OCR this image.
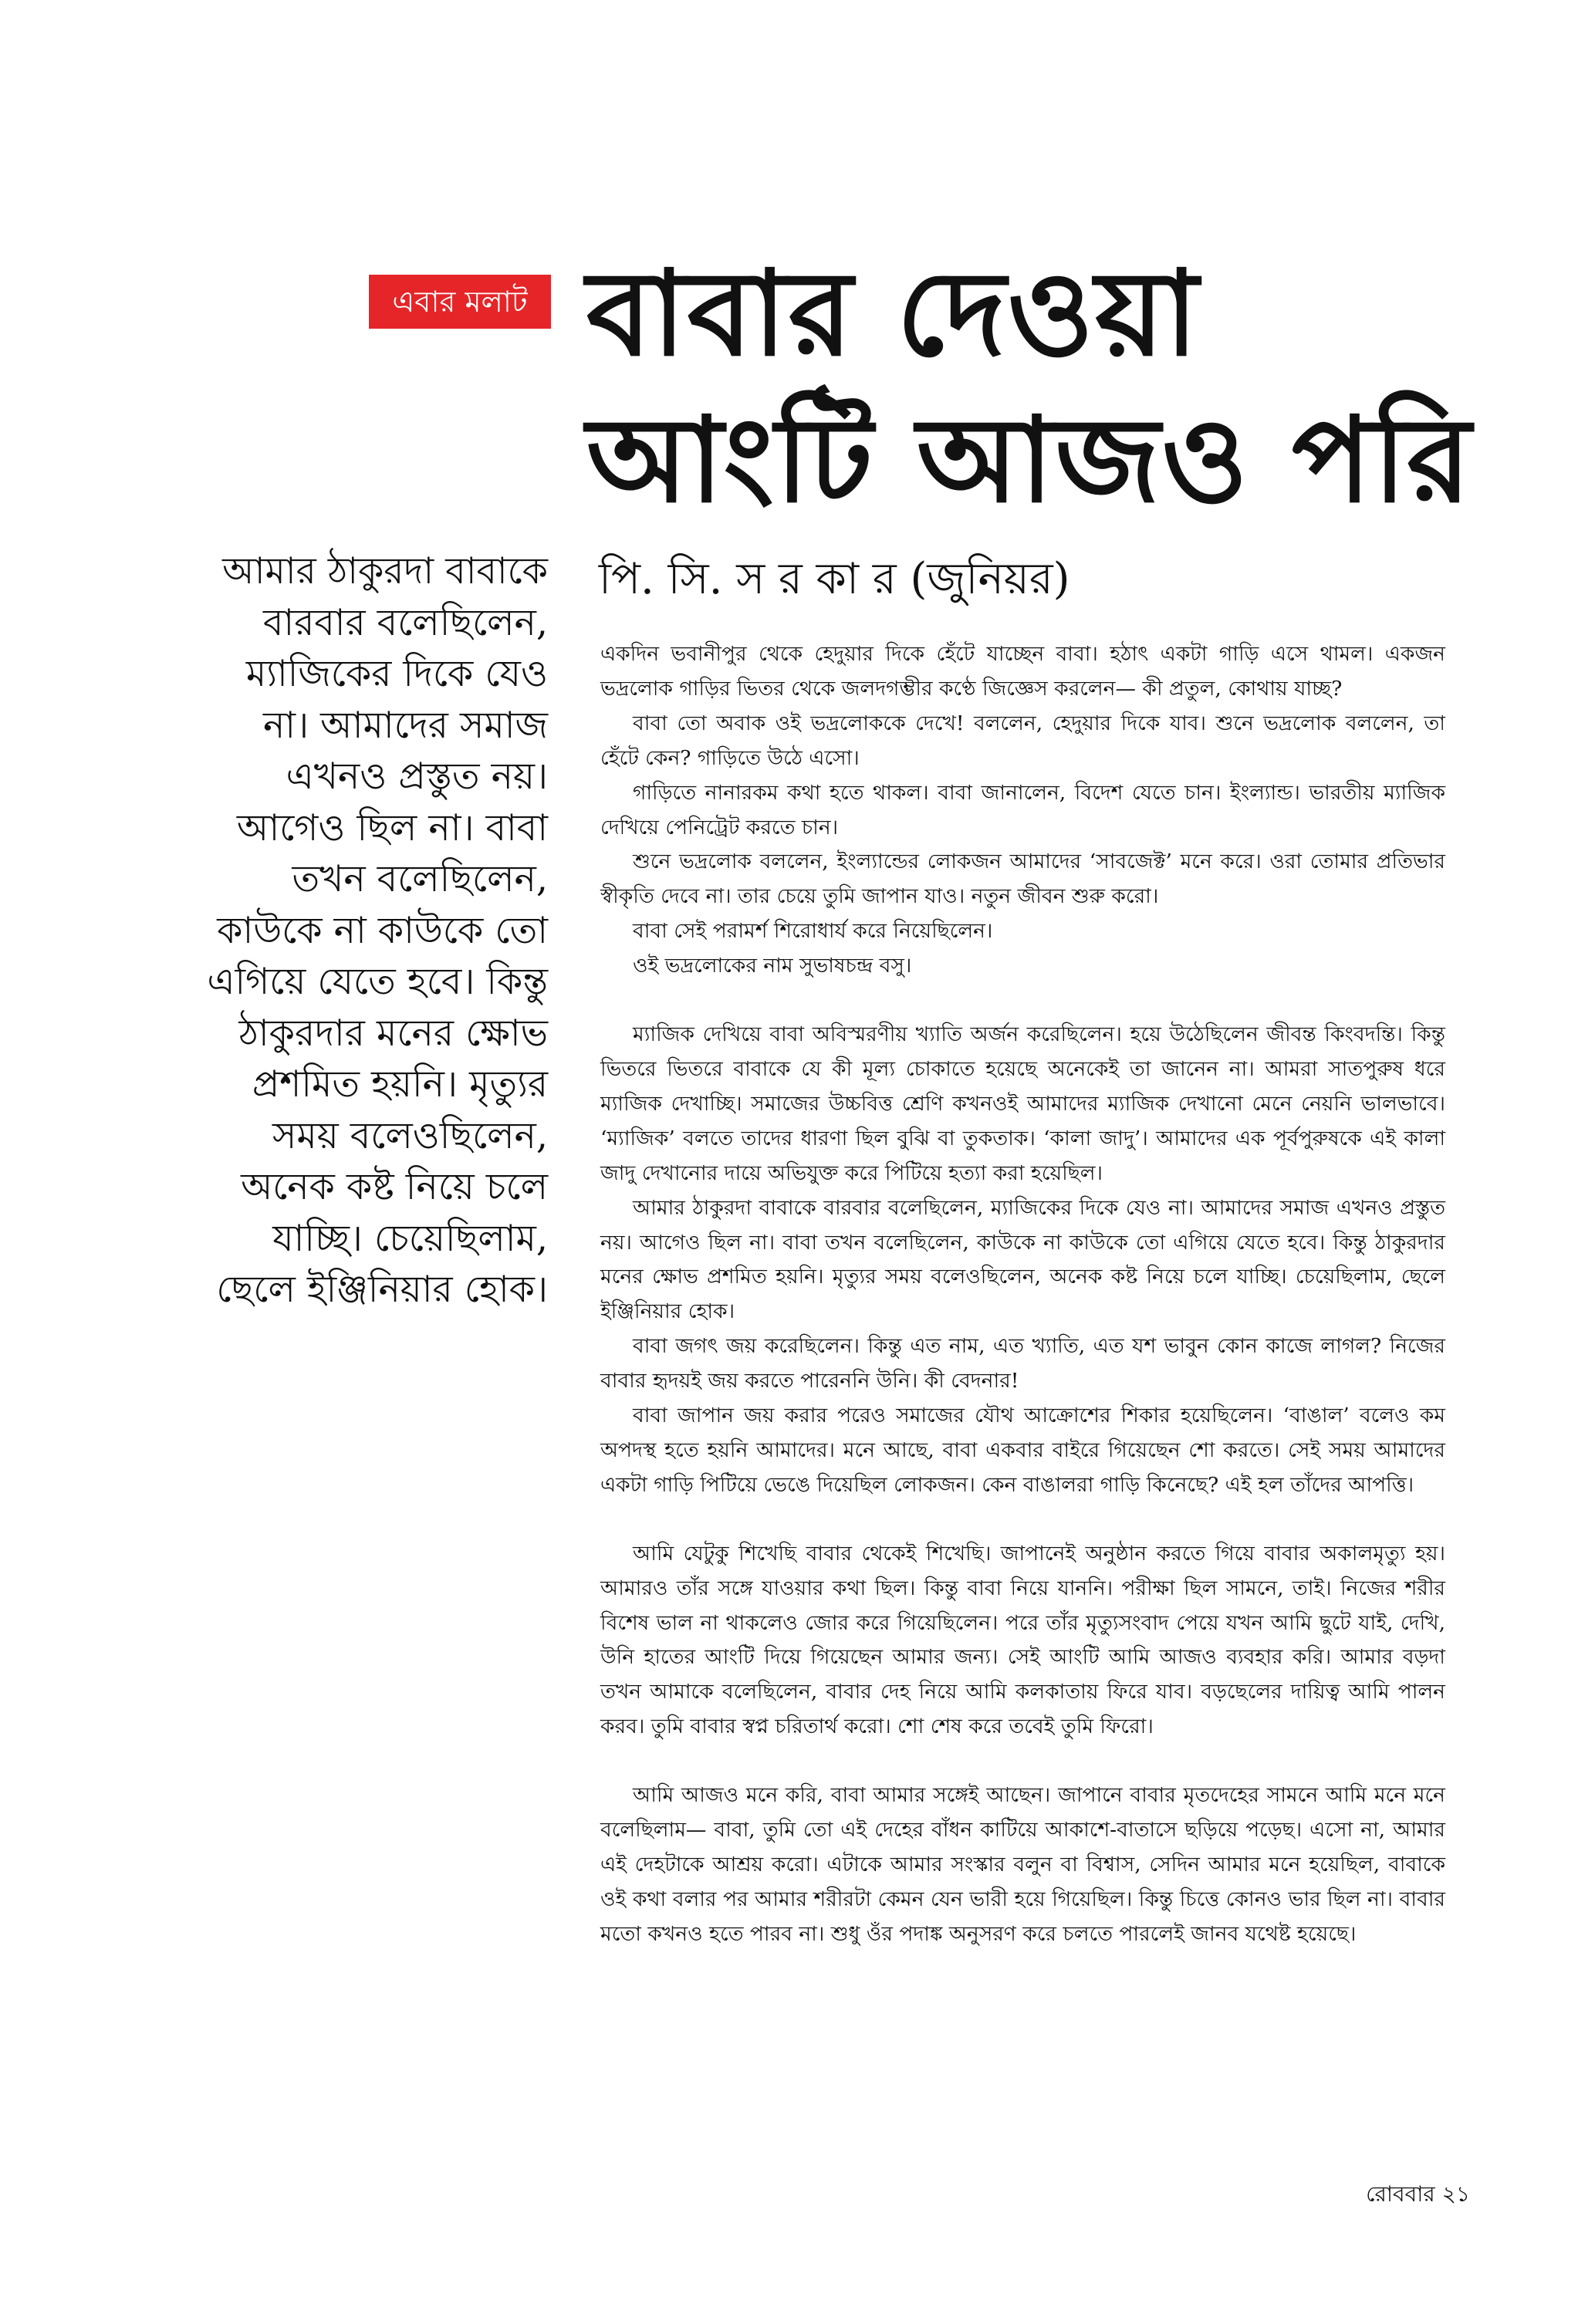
এবার মলাট বাবার দেওয়া
আংটি আজও পরি

পি. সি. স র কা র (জুনিয়র)

আমার ঠাকুরদা বাবাকে
বারবার বলেছিলেন,
ম্যাজিকের দিকে যেও
না। আমাদের সমাজ
এখনও প্রস্তুত নয়।
আগেও ছিল না। বাবা
তখন বলেছিলেন,
কাউকে না কাউকে তো
এগিয়ে যেতে হবে। কিন্তু
ঠাকুরদার মনের ক্ষোভ
প্রশমিত হয়নি। মৃত্যুর
সময় বলেওছিলেন,
অনেক কষ্ট নিয়ে চলে
যাচ্ছি। চেয়েছিলাম,
ছেলে ইঞ্জিনিয়ার হোক।

একদিন ভবানীপুর থেকে হেদুয়ার দিকে হেঁটে যাচ্ছেন বাবা। হঠাৎ একটা গাড়ি এসে থামল। একজন ভদ্রলোক গাড়ির ভিতর থেকে জলদগম্ভীর কণ্ঠে জিজ্ঞেস করলেন— কী প্রতুল, কোথায় যাচ্ছ?

বাবা তো অবাক ওই ভদ্রলোককে দেখে! বললেন, হেদুয়ার দিকে যাব। শুনে ভদ্রলোক বললেন, তা হেঁটে কেন? গাড়িতে উঠে এসো।

গাড়িতে নানারকম কথা হতে থাকল। বাবা জানালেন, বিদেশ যেতে চান। ইংল্যান্ড। ভারতীয় ম্যাজিক দেখিয়ে পেনিট্রেট করতে চান।

শুনে ভদ্রলোক বললেন, ইংল্যান্ডের লোকজন আমাদের ‘সাবজেক্ট’ মনে করে। ওরা তোমার প্রতিভার স্বীকৃতি দেবে না। তার চেয়ে তুমি জাপান যাও। নতুন জীবন শুরু করো।

বাবা সেই পরামর্শ শিরোধার্য করে নিয়েছিলেন।

ওই ভদ্রলোকের নাম সুভাষচন্দ্র বসু।

ম্যাজিক দেখিয়ে বাবা অবিস্মরণীয় খ্যাতি অর্জন করেছিলেন। হয়ে উঠেছিলেন জীবন্ত কিংবদন্তি। কিন্তু ভিতরে ভিতরে বাবাকে যে কী মূল্য চোকাতে হয়েছে অনেকেই তা জানেন না। আমরা সাতপুরুষ ধরে ম্যাজিক দেখাচ্ছি। সমাজের উচ্চবিত্ত শ্রেণি কখনওই আমাদের ম্যাজিক দেখানো মেনে নেয়নি ভালভাবে। ‘ম্যাজিক’ বলতে তাদের ধারণা ছিল বুঝি বা তুকতাক। ‘কালা জাদু’। আমাদের এক পূর্বপুরুষকে এই কালা জাদু দেখানোর দায়ে অভিযুক্ত করে পিটিয়ে হত্যা করা হয়েছিল।

আমার ঠাকুরদা বাবাকে বারবার বলেছিলেন, ম্যাজিকের দিকে যেও না। আমাদের সমাজ এখনও প্রস্তুত নয়। আগেও ছিল না। বাবা তখন বলেছিলেন, কাউকে না কাউকে তো এগিয়ে যেতে হবে। কিন্তু ঠাকুরদার মনের ক্ষোভ প্রশমিত হয়নি। মৃত্যুর সময় বলেওছিলেন, অনেক কষ্ট নিয়ে চলে যাচ্ছি। চেয়েছিলাম, ছেলে ইঞ্জিনিয়ার হোক।

বাবা জগৎ জয় করেছিলেন। কিন্তু এত নাম, এত খ্যাতি, এত যশ ভাবুন কোন কাজে লাগল? নিজের বাবার হৃদয়ই জয় করতে পারেননি উনি। কী বেদনার!

বাবা জাপান জয় করার পরেও সমাজের যৌথ আক্রোশের শিকার হয়েছিলেন। ‘বাঙাল’ বলেও কম অপদস্থ হতে হয়নি আমাদের। মনে আছে, বাবা একবার বাইরে গিয়েছেন শো করতে। সেই সময় আমাদের একটা গাড়ি পিটিয়ে ভেঙে দিয়েছিল লোকজন। কেন বাঙালরা গাড়ি কিনেছে? এই হল তাঁদের আপত্তি।

আমি যেটুকু শিখেছি বাবার থেকেই শিখেছি। জাপানেই অনুষ্ঠান করতে গিয়ে বাবার অকালমৃত্যু হয়। আমারও তাঁর সঙ্গে যাওয়ার কথা ছিল। কিন্তু বাবা নিয়ে যাননি। পরীক্ষা ছিল সামনে, তাই। নিজের শরীর বিশেষ ভাল না থাকলেও জোর করে গিয়েছিলেন। পরে তাঁর মৃত্যুসংবাদ পেয়ে যখন আমি ছুটে যাই, দেখি, উনি হাতের আংটি দিয়ে গিয়েছেন আমার জন্য। সেই আংটি আমি আজও ব্যবহার করি। আমার বড়দা তখন আমাকে বলেছিলেন, বাবার দেহ নিয়ে আমি কলকাতায় ফিরে যাব। বড়ছেলের দায়িত্ব আমি পালন করব। তুমি বাবার স্বপ্ন চরিতার্থ করো। শো শেষ করে তবেই তুমি ফিরো।

আমি আজও মনে করি, বাবা আমার সঙ্গেই আছেন। জাপানে বাবার মৃতদেহের সামনে আমি মনে মনে বলেছিলাম— বাবা, তুমি তো এই দেহের বাঁধন কাটিয়ে আকাশে-বাতাসে ছড়িয়ে পড়েছ। এসো না, আমার এই দেহটাকে আশ্রয় করো। এটাকে আমার সংস্কার বলুন বা বিশ্বাস, সেদিন আমার মনে হয়েছিল, বাবাকে ওই কথা বলার পর আমার শরীরটা কেমন যেন ভারী হয়ে গিয়েছিল। কিন্তু চিত্তে কোনও ভার ছিল না। বাবার মতো কখনও হতে পারব না। শুধু ওঁর পদাঙ্ক অনুসরণ করে চলতে পারলেই জানব যথেষ্ট হয়েছে।

রোববার ২১
